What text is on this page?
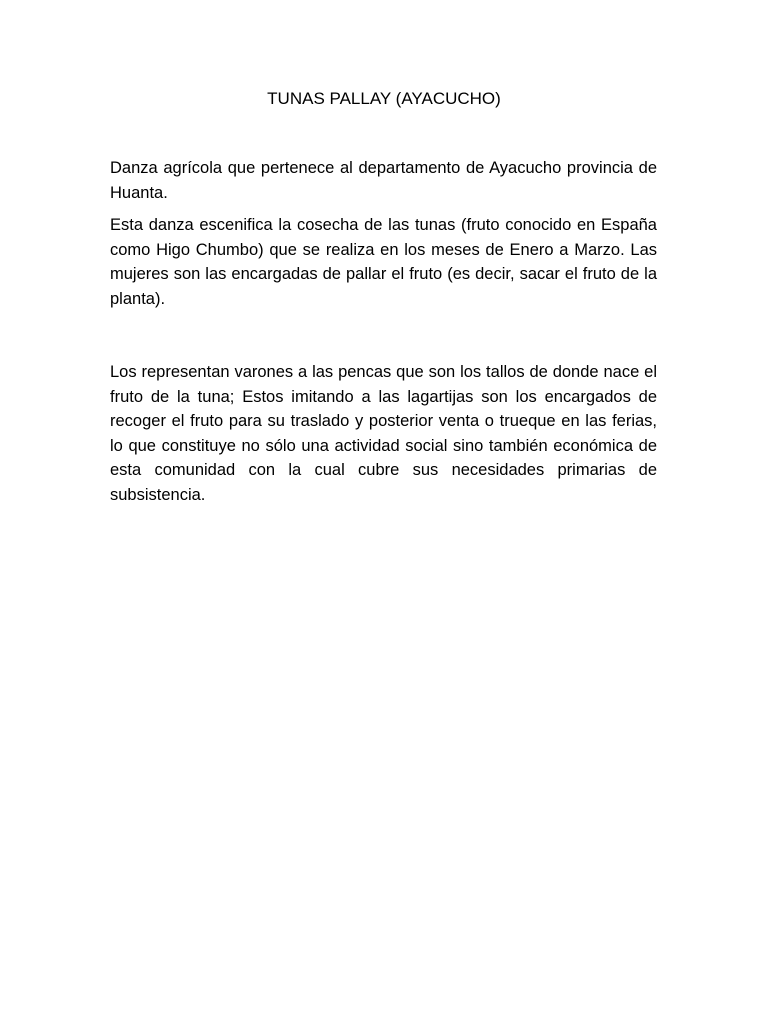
TUNAS PALLAY (AYACUCHO)

Danza agrícola que pertenece al departamento de Ayacucho provincia de Huanta.

Esta danza escenifica la cosecha de las tunas (fruto conocido en España como Higo Chumbo) que se realiza en los meses de Enero a Marzo. Las mujeres son las encargadas de pallar el fruto (es decir, sacar el fruto de la planta).

Los representan varones a las pencas que son los tallos de donde nace el fruto de la tuna; Estos imitando a las lagartijas son los encargados de recoger el fruto para su traslado y posterior venta o trueque en las ferias, lo que constituye no sólo una actividad social sino también económica de esta comunidad con la cual cubre sus necesidades primarias de subsistencia.
